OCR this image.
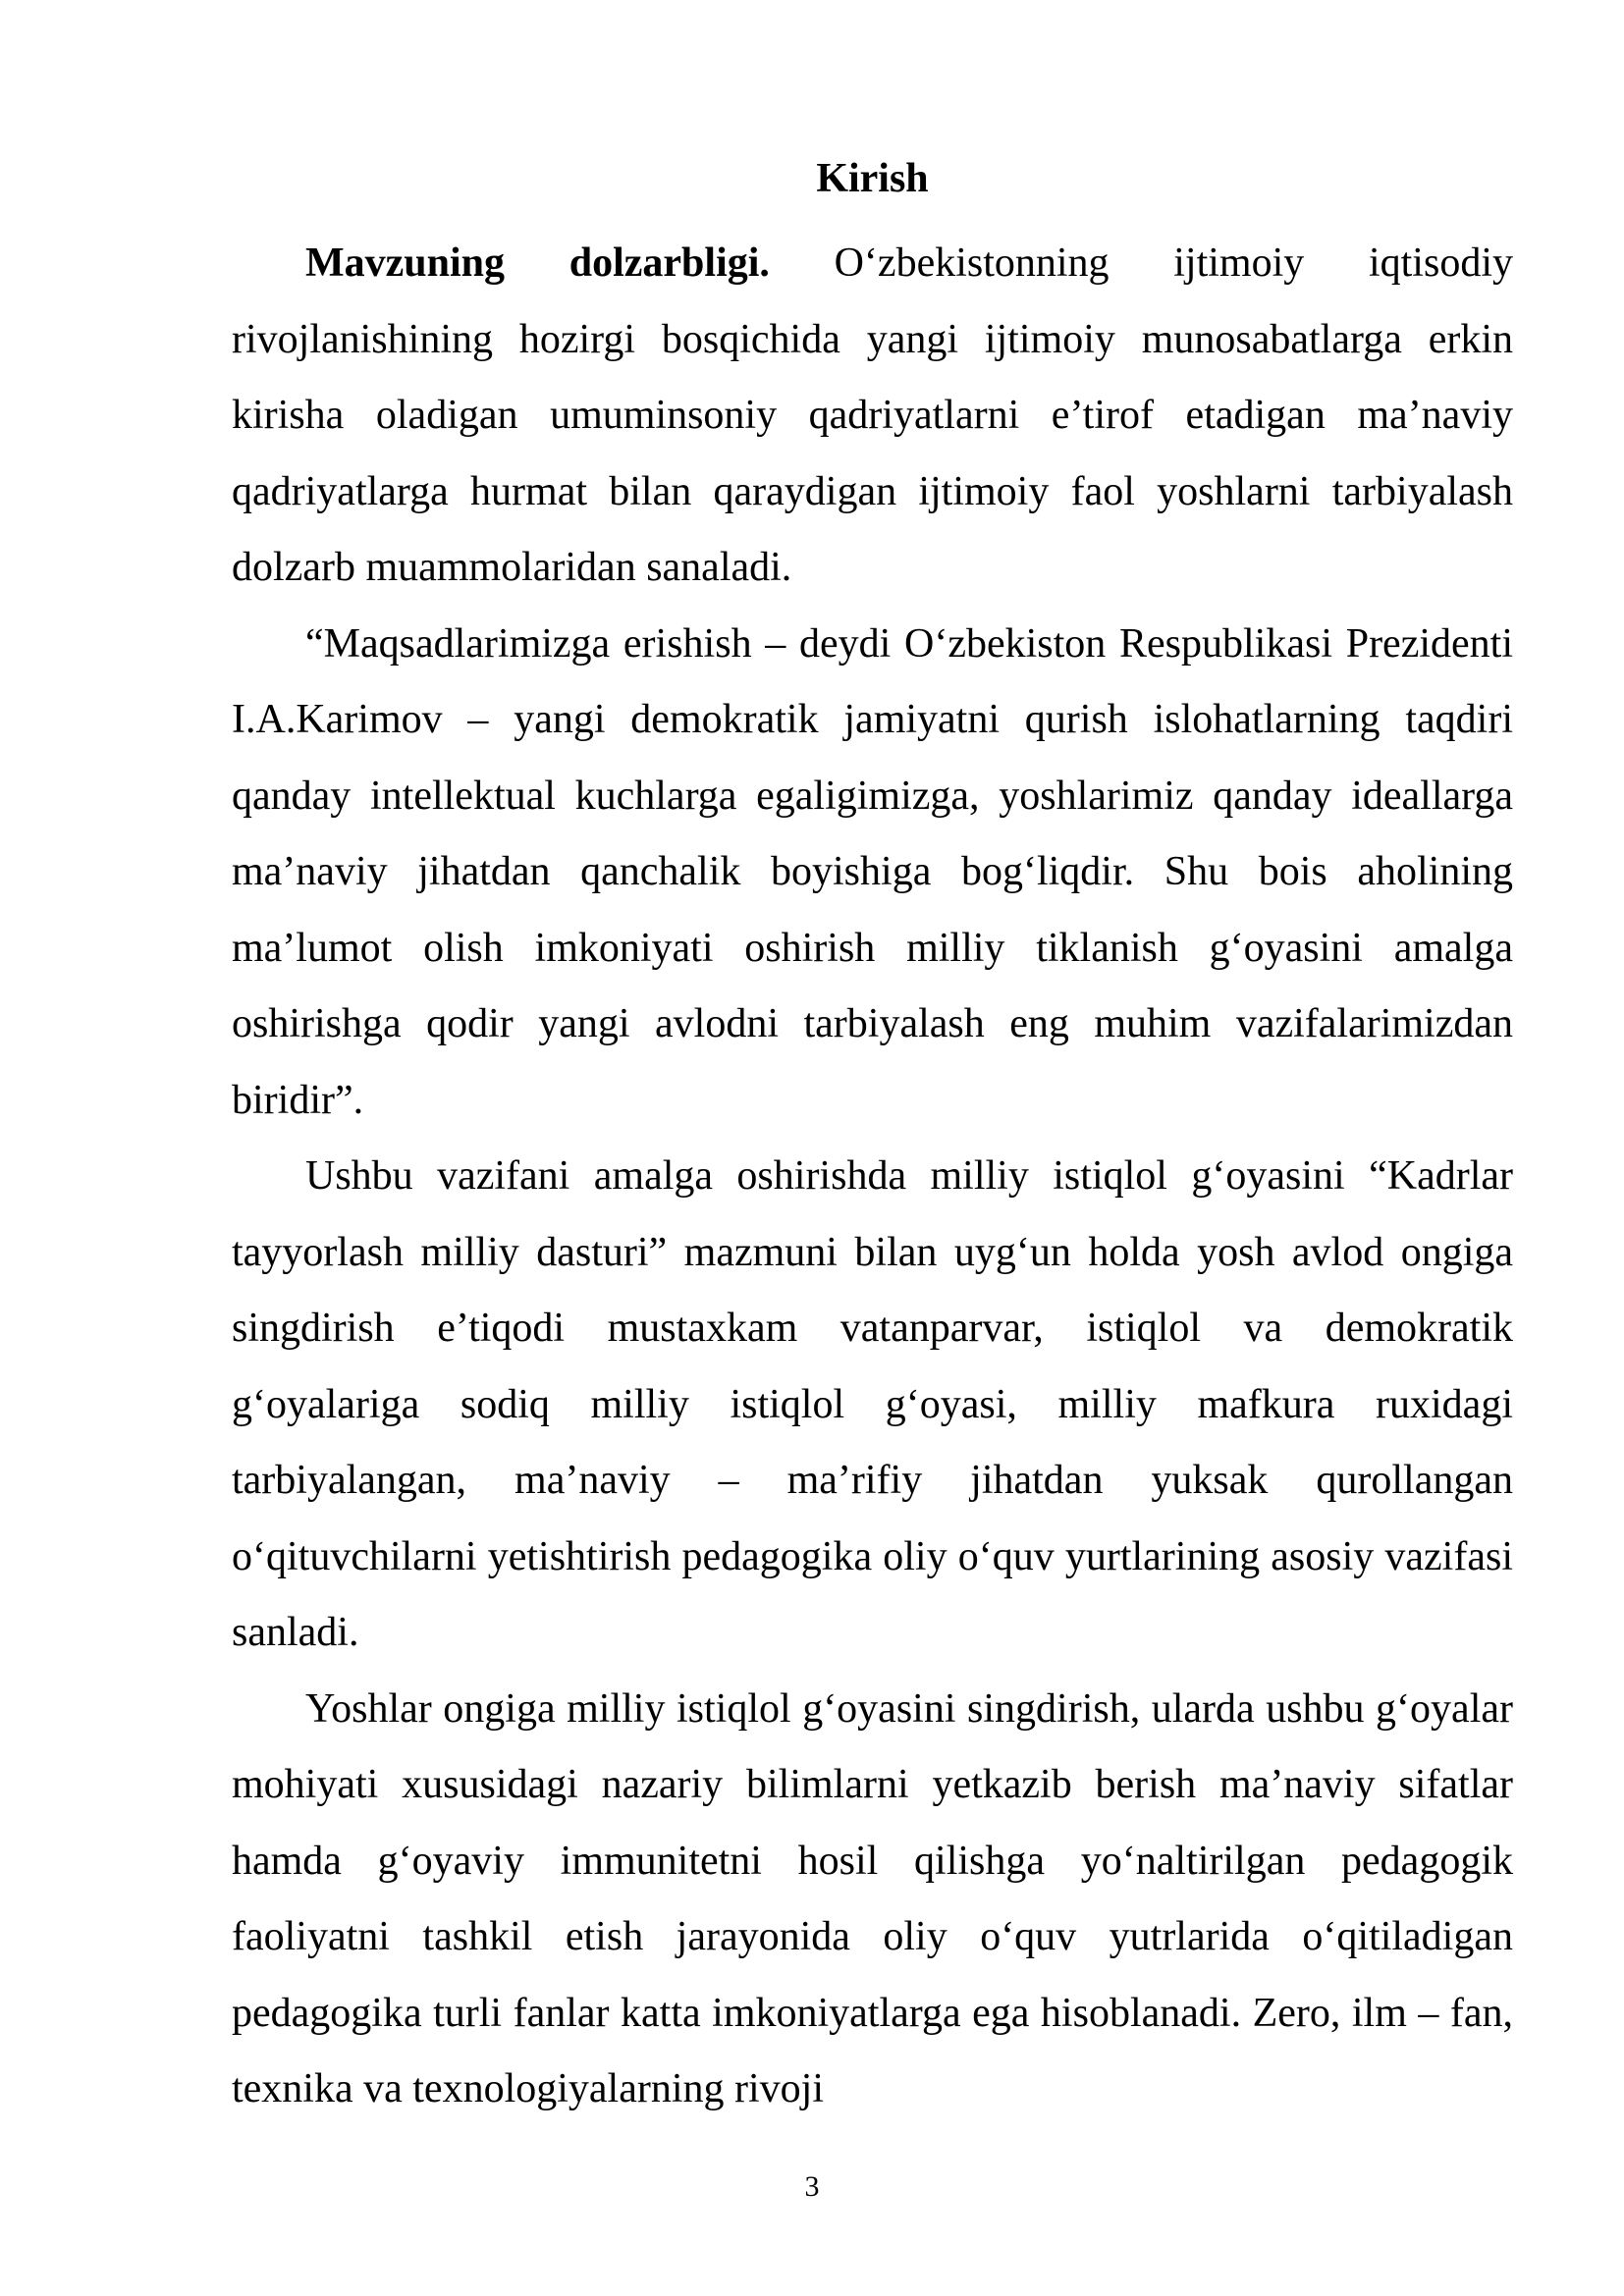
Kirish

Mavzuning dolzarbligi. O‘zbekistonning ijtimoiy iqtisodiy rivojlanishining hozirgi bosqichida yangi ijtimoiy munosabatlarga erkin kirisha oladigan umuminsoniy qadriyatlarni e’tirof etadigan ma’naviy qadriyatlarga hurmat bilan qaraydigan ijtimoiy faol yoshlarni tarbiyalash dolzarb muammolaridan sanaladi.

“Maqsadlarimizga erishish – deydi O‘zbekiston Respublikasi Prezidenti I.A.Karimov – yangi demokratik jamiyatni qurish islohatlarning taqdiri qanday intellektual kuchlarga egaligimizga, yoshlarimiz qanday ideallarga ma’naviy jihatdan qanchalik boyishiga bog‘liqdir. Shu bois aholining ma’lumot olish imkoniyati oshirish milliy tiklanish g‘oyasini amalga oshirishga qodir yangi avlodni tarbiyalash eng muhim vazifalarimizdan biridir”.

Ushbu vazifani amalga oshirishda milliy istiqlol g‘oyasini “Kadrlar tayyorlash milliy dasturi” mazmuni bilan uyg‘un holda yosh avlod ongiga singdirish e’tiqodi mustaxkam vatanparvar, istiqlol va demokratik g‘oyalariga sodiq milliy istiqlol g‘oyasi, milliy mafkura ruxidagi tarbiyalangan, ma’naviy – ma’rifiy jihatdan yuksak qurollangan o‘qituvchilarni yetishtirish pedagogika oliy o‘quv yurtlarining asosiy vazifasi sanladi.

Yoshlar ongiga milliy istiqlol g‘oyasini singdirish, ularda ushbu g‘oyalar mohiyati xususidagi nazariy bilimlarni yetkazib berish ma’naviy sifatlar hamda g‘oyaviy immunitetni hosil qilishga yo‘naltirilgan pedagogik faoliyatni tashkil etish jarayonida oliy o‘quv yutrlarida o‘qitiladigan pedagogika turli fanlar katta imkoniyatlarga ega hisoblanadi. Zero, ilm – fan, texnika va texnologiyalarning rivoji

3
